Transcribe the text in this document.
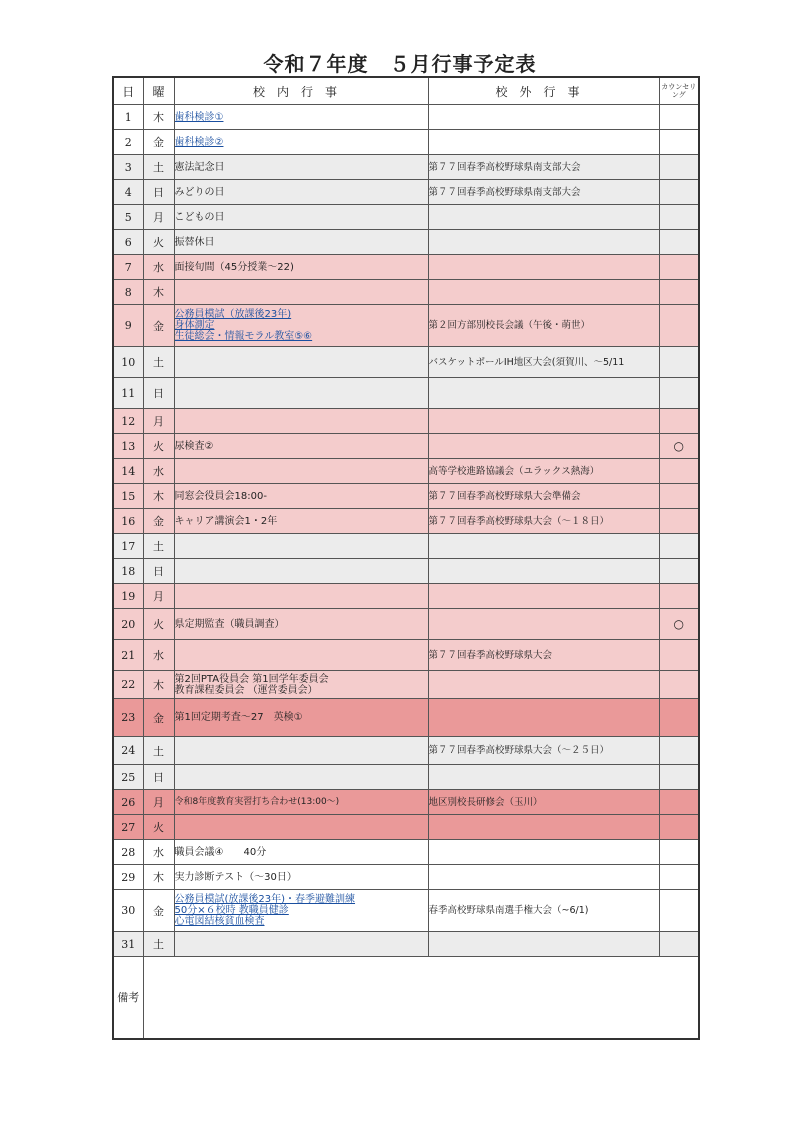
令和７年度　５月行事予定表
日	曜	校内行事	校外行事	カウンセリング
1	木	歯科検診①		

2	金	歯科検診②		

3	土	憲法記念日	第７７回春季高校野球県南支部大会	
4	日	みどりの日	第７７回春季高校野球県南支部大会	
5	月	こどもの日		

6	火	振替休日		

7	水	面接旬間（45分授業～22)		

8	木			
9	金	公務員模試（放課後23年)
身体測定
生徒総会・情報モラル教室⑤⑥	第２回方部別校長会議（午後・萌世）	
10	土		バスケットボールIH地区大会(須賀川、～5/11	
11	日			
12	月			
13	火	尿検査②		○
14	水		高等学校進路協議会（ユラックス熱海）	
15	木	同窓会役員会18:00-	第７７回春季高校野球県大会準備会	
16	金	キャリア講演会1・2年	第７７回春季高校野球県大会（～１８日）	
17	土			
18	日			
19	月			
20	火	県定期監査（職員調査）		○
21	水		第７７回春季高校野球県大会	
22	木	第2回PTA役員会 第1回学年委員会
教育課程委員会 （運営委員会）		

23	金	第1回定期考査～27　英検①		

24	土		第７７回春季高校野球県大会（～２５日）	
25	日			
26	月	令和8年度教育実習打ち合わせ(13:00～)	地区別校長研修会（玉川）	
27	火			
28	水	職員会議④　　40分		

29	木	実力診断テスト（～30日）		

30	金	公務員模試(放課後23年)・春季避難訓練
50分×６校時 教職員健診
心電図結核貧血検査	春季高校野球県南選手権大会（~6/1)	
31	土			
備考				
